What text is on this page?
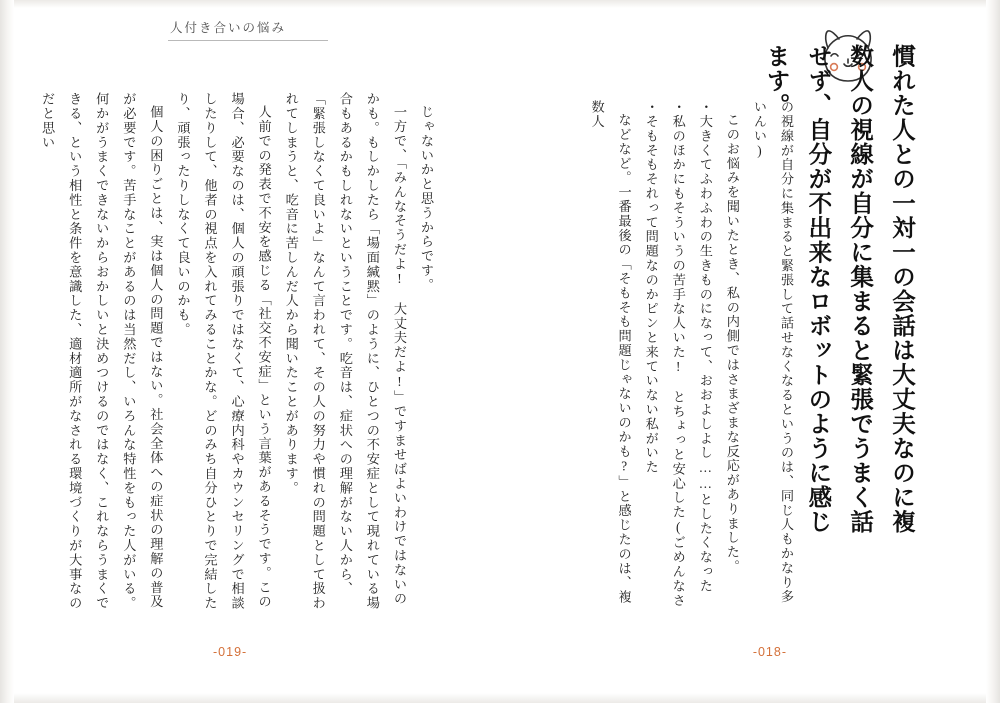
人付き合いの悩み

じゃないかと思うからです。

一方で、「みんなそうだよ!　大丈夫だよ!」ですませばよいわけではないのかも。もしかしたら「場面緘黙」のように、ひとつの不安症として現れている場合もあるかもしれないということです。吃音は、症状への理解がない人から、「緊張しなくて良いよ」なんて言われて、その人の努力や慣れの問題として扱われてしまうと、吃音に苦しんだ人から聞いたことがあります。

人前での発表で不安を感じる「社交不安症」という言葉があるそうです。この場合、必要なのは、個人の頑張りではなくて、心療内科やカウンセリングで相談したりして、他者の視点を入れてみることかな。どのみち自分ひとりで完結したり、頑張ったりしなくて良いのかも。

個人の困りごとは、実は個人の問題ではない。社会全体への症状の理解の普及が必要です。苦手なことがあるのは当然だし、いろんな特性をもった人がいる。何かがうまくできないからおかしいと決めつけるのではなく、これならうまくできる、という相性と条件を意識した、適材適所がなされる環境づくりが大事なのだと思い

-019-
慣れた人との一対一の会話は大丈夫なのに複数人の視線が自分に集まると緊張でうまく話せず、自分が不出来なロボットのように感じます。

の視線が自分に集まると緊張して話せなくなるというのは、同じ人もかなり多いんい)

このお悩みを聞いたとき、私の内側ではさまざまな反応がありました。

・大きくてふわふわの生きものになって、おおよしよし……としたくなった

・私のほかにもそういうの苦手な人いた!　とちょっと安心した(ごめんなさ

・そもそもそれって問題なのかピンと来ていない私がいた

などなど。一番最後の「そもそも問題じゃないのかも?」と感じたのは、複数人

-018-
